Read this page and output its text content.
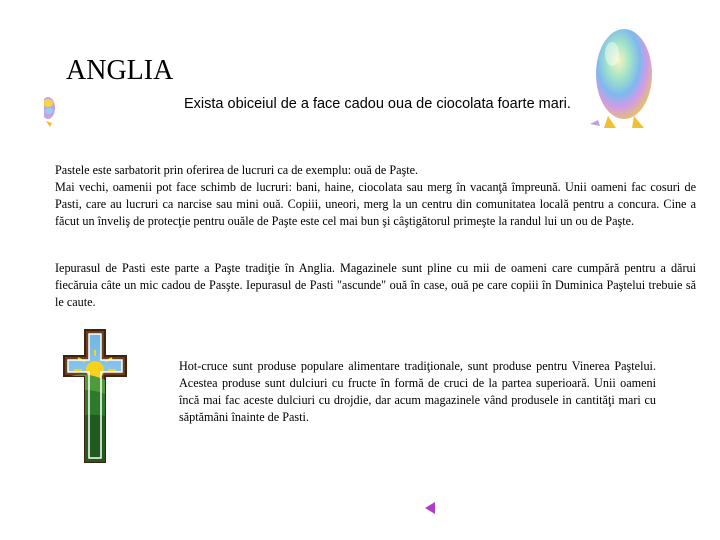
ANGLIA
Exista obiceiul de a face cadou oua de ciocolata foarte mari.

Pastele este sarbatorit prin oferirea de lucruri ca de exemplu: ouă de Paşte.
Mai vechi, oamenii pot face schimb de lucruri: bani, haine, ciocolata sau merg în vacanţă împreună. Unii oameni fac cosuri de Pasti, care au lucruri ca narcise sau mini ouă. Copiii, uneori, merg la un centru din comunitatea locală pentru a concura. Cine a făcut un înveliş de protecţie pentru ouăle de Paşte este cel mai bun şi câştigătorul primeşte la randul lui un ou de Paşte.

Iepurasul de Pasti este parte a Paşte tradiţie în Anglia. Magazinele sunt pline cu mii de oameni care cumpără pentru a dărui fiecăruia câte un mic cadou de Pasşte. Iepurasul de Pasti "ascunde" ouă în case, ouă pe care copiii în Duminica Paştelui trebuie să le caute.

Hot-cruce sunt produse populare alimentare tradiţionale, sunt produse pentru Vinerea Paştelui. Acestea produse sunt dulciuri cu fructe în formă de cruci de la partea superioară. Unii oameni încă mai fac aceste dulciuri cu drojdie, dar acum magazinele vând produsele in cantităţi mari cu săptămâni înainte de Pasti.
